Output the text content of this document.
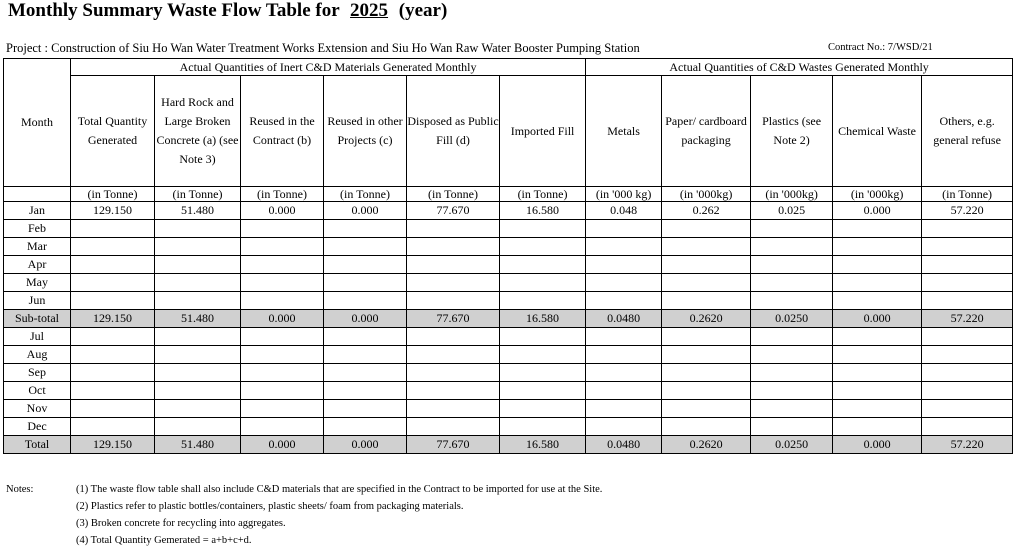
Monthly Summary Waste Flow Table for 2025 (year)
Project : Construction of Siu Ho Wan Water Treatment Works Extension and Siu Ho Wan Raw Water Booster Pumping Station	Contract No.: 7/WSD/21
Month	Actual Quantities of Inert C&D Materials Generated Monthly						Actual Quantities of C&D Wastes Generated Monthly				
	Total Quantity Generated	Hard Rock and Large Broken Concrete (a) (see Note 3)	Reused in the Contract (b)	Reused in other Projects (c)	Disposed as Public Fill (d)	Imported Fill	Metals	Paper/ cardboard packaging	Plastics (see Note 2)	Chemical Waste	Others, e.g. general refuse
	(in Tonne)	(in Tonne)	(in Tonne)	(in Tonne)	(in Tonne)	(in Tonne)	(in '000 kg)	(in '000kg)	(in '000kg)	(in '000kg)	(in Tonne)
Jan	129.150	51.480	0.000	0.000	77.670	16.580	0.048	0.262	0.025	0.000	57.220
Feb											
Mar											
Apr											
May											
Jun											
Sub-total	129.150	51.480	0.000	0.000	77.670	16.580	0.0480	0.2620	0.0250	0.000	57.220
Jul											
Aug											
Sep											
Oct											
Nov											
Dec											
Total	129.150	51.480	0.000	0.000	77.670	16.580	0.0480	0.2620	0.0250	0.000	57.220
Notes:	(1) The waste flow table shall also include C&D materials that are specified in the Contract to be imported for use at the Site.
(2) Plastics refer to plastic bottles/containers, plastic sheets/ foam from packaging materials.
(3) Broken concrete for recycling into aggregates.
(4) Total Quantity Gemerated = a+b+c+d.
